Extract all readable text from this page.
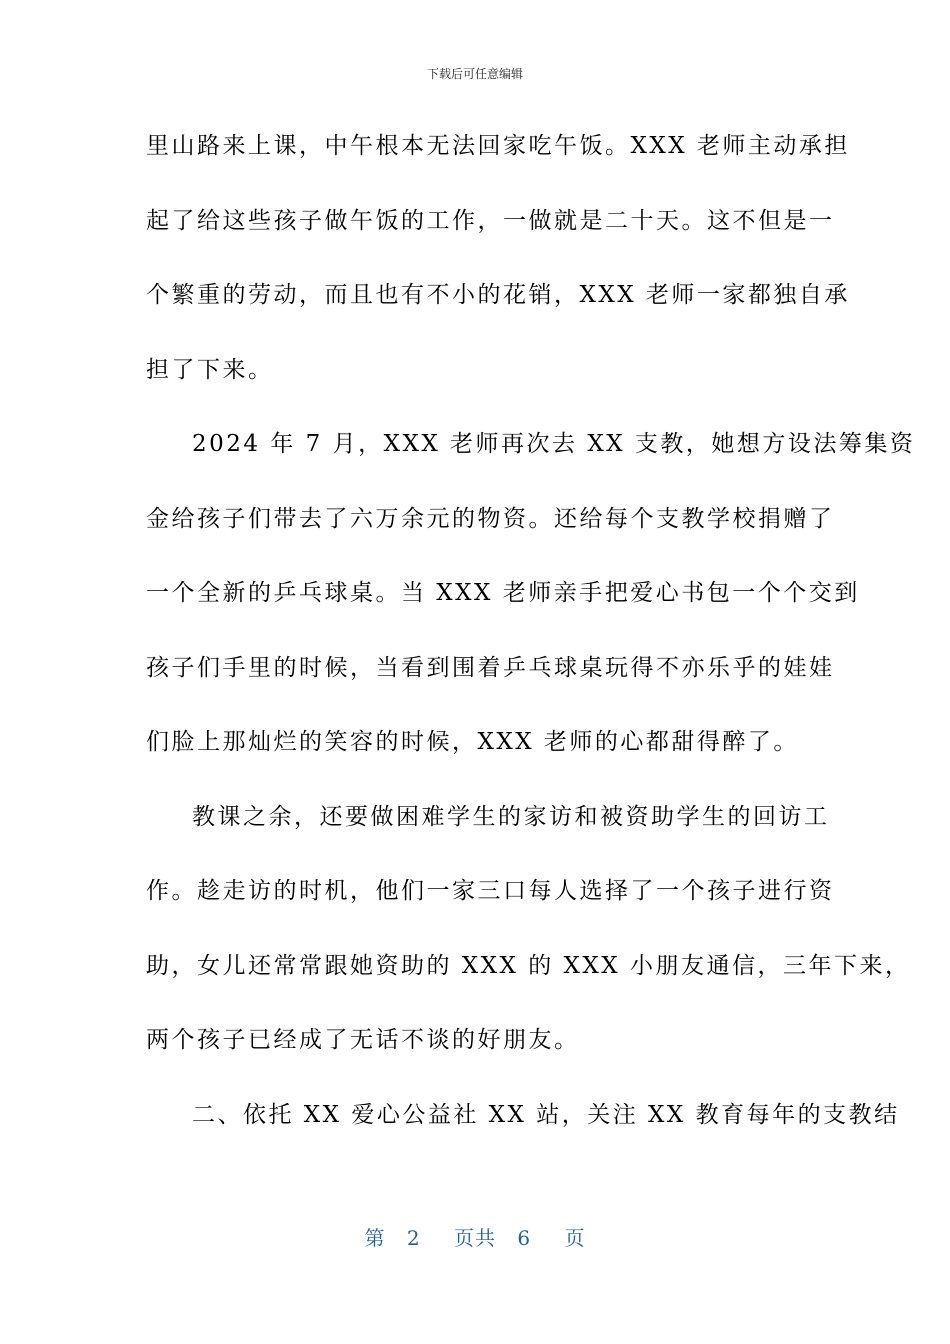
下载后可任意编辑
里山路来上课，中午根本无法回家吃午饭。XXX 老师主动承担
起了给这些孩子做午饭的工作，一做就是二十天。这不但是一
个繁重的劳动，而且也有不小的花销，XXX 老师一家都独自承
担了下来。
2024 年 7 月，XXX 老师再次去 XX 支教，她想方设法筹集资
金给孩子们带去了六万余元的物资。还给每个支教学校捐赠了
一个全新的乒乓球桌。当 XXX 老师亲手把爱心书包一个个交到
孩子们手里的时候，当看到围着乒乓球桌玩得不亦乐乎的娃娃
们脸上那灿烂的笑容的时候，XXX 老师的心都甜得醉了。
教课之余，还要做困难学生的家访和被资助学生的回访工
作。趁走访的时机，他们一家三口每人选择了一个孩子进行资
助，女儿还常常跟她资助的 XXX 的 XXX 小朋友通信，三年下来，
两个孩子已经成了无话不谈的好朋友。
二、依托 XX 爱心公益社 XX 站，关注 XX 教育每年的支教结
第 2 页共 6 页
